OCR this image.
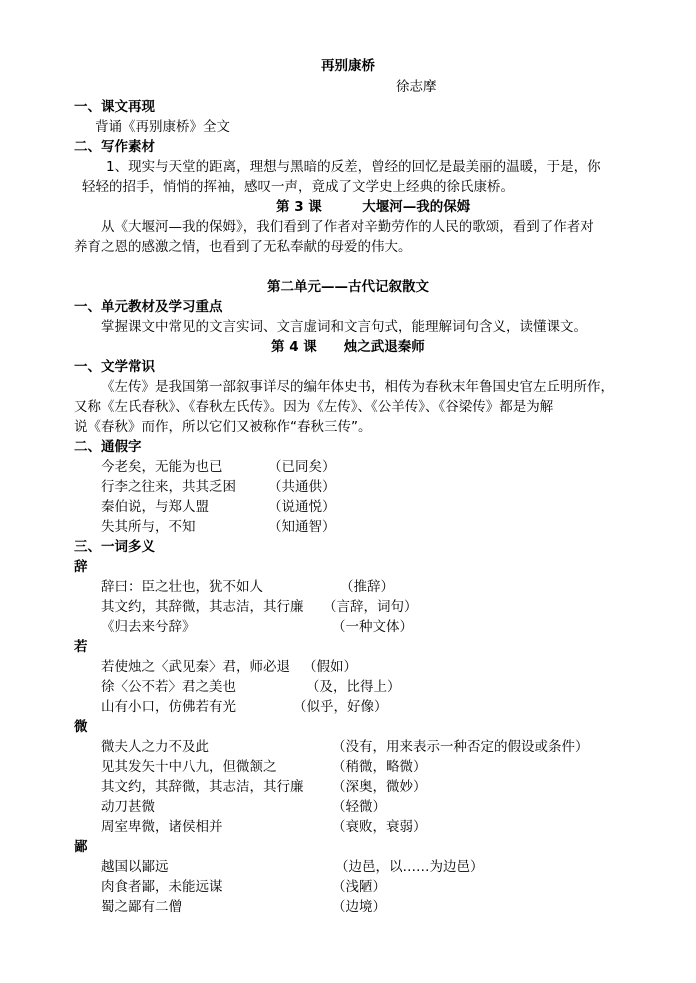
再别康桥
徐志摩
一、课文再现
背诵《再别康桥》全文
二、写作素材
1、现实与天堂的距离，理想与黑暗的反差，曾经的回忆是最美丽的温暖，于是，你
轻轻的招手，悄悄的挥袖，感叹一声，竟成了文学史上经典的徐氏康桥。
第 3 课　　　大堰河—我的保姆
从《大堰河—我的保姆》，我们看到了作者对辛勤劳作的人民的歌颂，看到了作者对
养育之恩的感激之情，也看到了无私奉献的母爱的伟大。
第二单元——古代记叙散文
一、单元教材及学习重点
掌握课文中常见的文言实词、文言虚词和文言句式，能理解词句含义，读懂课文。
第 4 课　　烛之武退秦师
一、文学常识
《左传》是我国第一部叙事详尽的编年体史书，相传为春秋末年鲁国史官左丘明所作，
又称《左氏春秋》、《春秋左氏传》。因为《左传》、《公羊传》、《谷梁传》都是为解
说《春秋》而作，所以它们又被称作“春秋三传”。
二、通假字
今老矣，无能为也已	（已同矣）
行李之往来，共其乏困 （共通供）
秦伯说，与郑人盟	（说通悦）
失其所与，不知	（知通智）
三、一词多义
辞
辞曰：臣之壮也，犹不如人	（推辞）
其文约，其辞微，其志洁，其行廉 （言辞，词句）
《归去来兮辞》	（一种文体）
若
若使烛之〈武见秦〉君，师必退 （假如）
徐〈公不若〉君之美也	（及，比得上）
山有小口，仿佛若有光	（似乎，好像）
微
微夫人之力不及此	（没有，用来表示一种否定的假设或条件）
见其发矢十中八九，但微颔之	（稍微，略微）
其文约，其辞微，其志洁，其行廉 （深奥，微妙）
动刀甚微	（轻微）
周室卑微，诸侯相并	（衰败，衰弱）
鄙
越国以鄙远	（边邑，以……为边邑）
肉食者鄙，未能远谋	（浅陋）
蜀之鄙有二僧	（边境）
